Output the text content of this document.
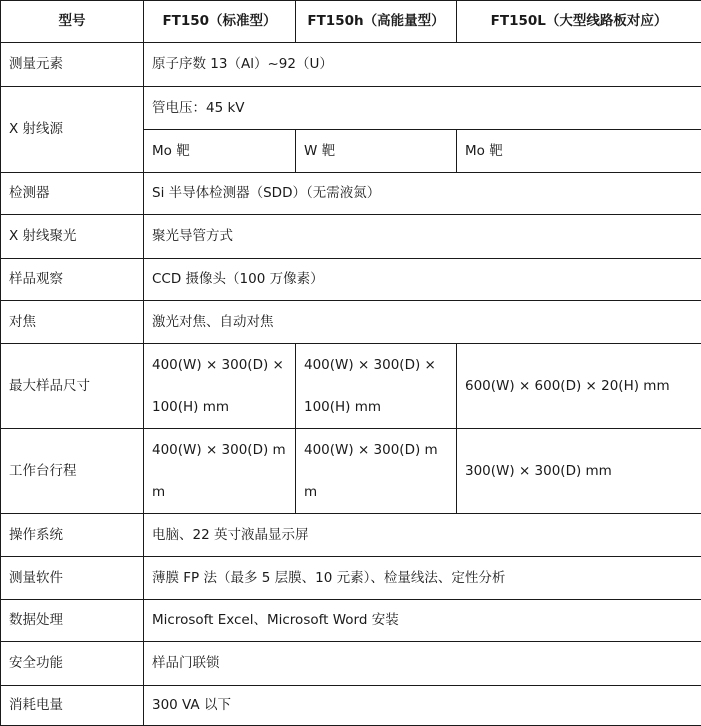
型号	FT150（标准型）	FT150h（高能量型）	FT150L（大型线路板对应）
测量元素	原子序数 13（Al）~92（U）		
X 射线源	管电压：45 kV		
	Mo 靶	W 靶	Mo 靶
检测器	Si 半导体检测器（SDD）（无需液氮）		
X 射线聚光	聚光导管方式		
样品观察	CCD 摄像头（100 万像素）		
对焦	激光对焦、自动对焦		
最大样品尺寸	400(W) × 300(D) × 100(H) mm	400(W) × 300(D) × 100(H) mm	600(W) × 600(D) × 20(H) mm
工作台行程	400(W) × 300(D) mm	400(W) × 300(D) mm	300(W) × 300(D) mm
操作系统	电脑、22 英寸液晶显示屏		
测量软件	薄膜 FP 法（最多 5 层膜、10 元素）、检量线法、定性分析		
数据处理	Microsoft Excel、Microsoft Word 安装		
安全功能	样品门联锁		
消耗电量	300 VA 以下		
